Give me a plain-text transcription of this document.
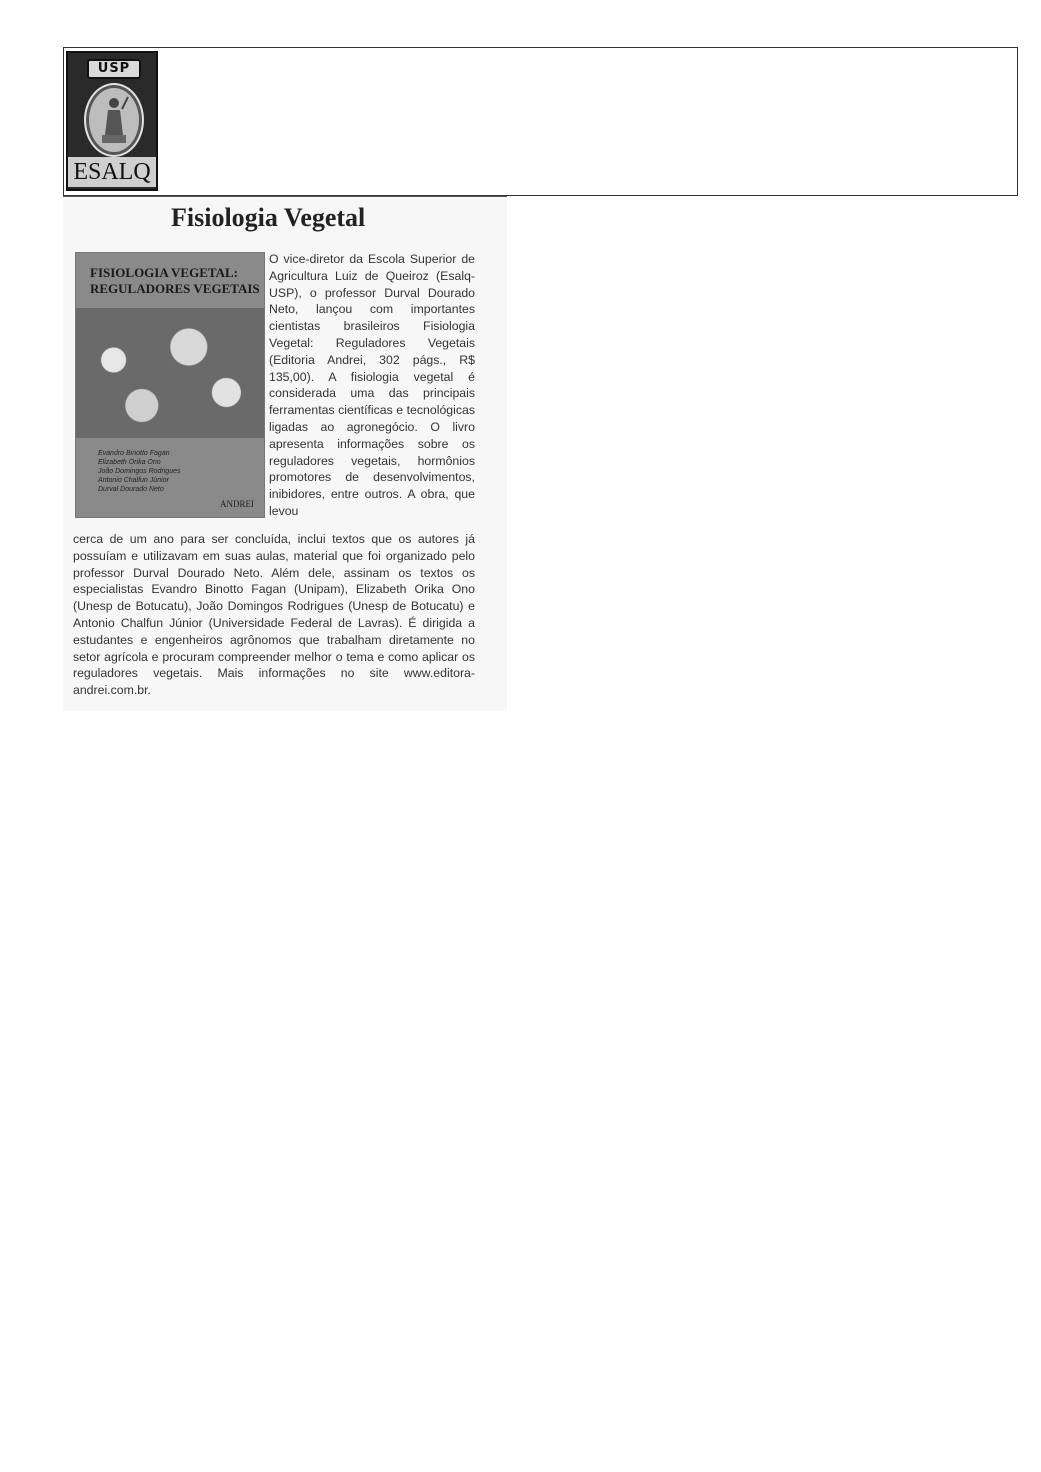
USP
ESALQ
Fisiologia Vegetal
FISIOLOGIA VEGETAL:
REGULADORES VEGETAIS
Evandro Binotto Fagan
Elizabeth Orika Ono
João Domingos Rodrigues
Antonio Chalfun Júnior
Durval Dourado Neto
ANDREI

O vice-diretor da Escola Superior de Agricultura Luiz de Queiroz (Esalq-USP), o professor Durval Dourado Neto, lançou com importantes cientistas brasileiros Fisiologia Vegetal: Reguladores Vegetais (Editoria Andrei, 302 págs., R$ 135,00). A fisiologia vegetal é considerada uma das principais ferramentas científicas e tecnológicas ligadas ao agronegócio. O livro apresenta informações sobre os reguladores vegetais, hormônios promotores de desenvolvimentos, inibidores, entre outros. A obra, que levou

cerca de um ano para ser concluída, inclui textos que os autores já possuíam e utilizavam em suas aulas, material que foi organizado pelo professor Durval Dourado Neto. Além dele, assinam os textos os especialistas Evandro Binotto Fagan (Unipam), Elizabeth Orika Ono (Unesp de Botucatu), João Domingos Rodrigues (Unesp de Botucatu) e Antonio Chalfun Júnior (Universidade Federal de Lavras). É dirigida a estudantes e engenheiros agrônomos que trabalham diretamente no setor agrícola e procuram compreender melhor o tema e como aplicar os reguladores vegetais. Mais informações no site www.editora-andrei.com.br.
